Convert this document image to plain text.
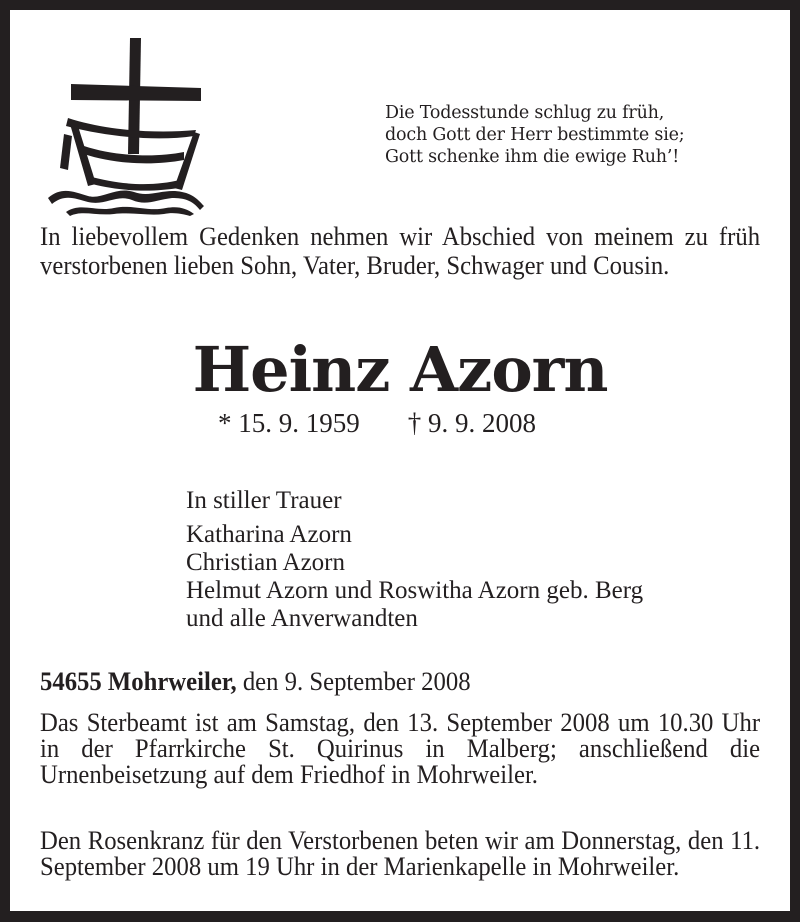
Die Todesstunde schlug zu früh,
doch Gott der Herr bestimmte sie;
Gott schenke ihm die ewige Ruh’!
In liebevollem Gedenken nehmen wir Abschied von meinem zu früh verstorbenen lieben Sohn, Vater, Bruder, Schwager und Cousin.
Heinz Azorn
* 15. 9. 1959 † 9. 9. 2008
In stiller Trauer
Katharina Azorn
Christian Azorn
Helmut Azorn und Roswitha Azorn geb. Berg
und alle Anverwandten
54655 Mohrweiler, den 9. September 2008
Das Sterbeamt ist am Samstag, den 13. September 2008 um 10.30 Uhr in der Pfarrkirche St. Quirinus in Malberg; anschließend die Urnenbeisetzung auf dem Friedhof in Mohrweiler.
Den Rosenkranz für den Verstorbenen beten wir am Donnerstag, den 11. September 2008 um 19 Uhr in der Marienkapelle in Mohrweiler.
